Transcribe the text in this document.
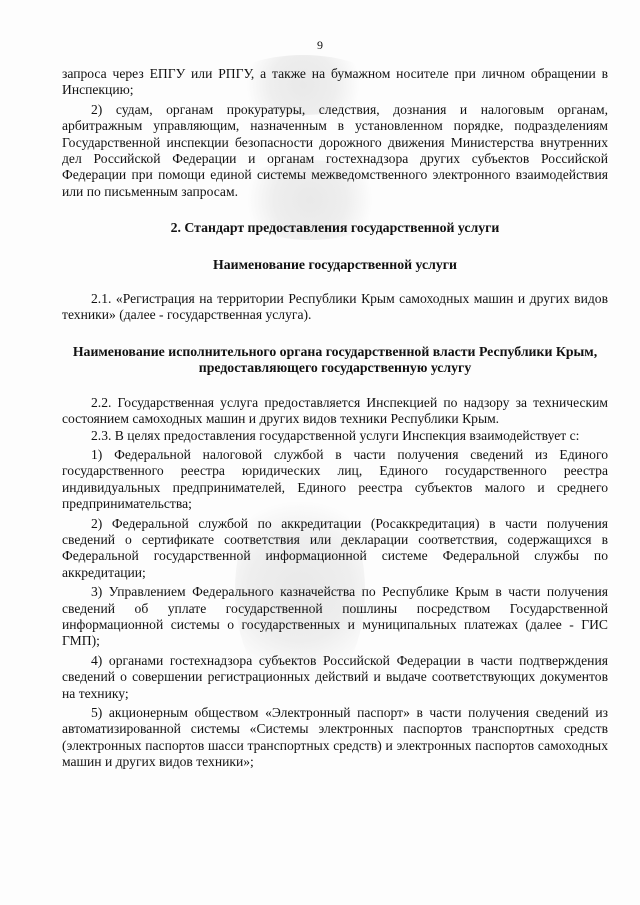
9

запроса через ЕПГУ или РПГУ, а также на бумажном носителе при личном обращении в Инспекцию;

2) судам, органам прокуратуры, следствия, дознания и налоговым органам, арбитражным управляющим, назначенным в установленном порядке, подразделениям Государственной инспекции безопасности дорожного движения Министерства внутренних дел Российской Федерации и органам гостехнадзора других субъектов Российской Федерации при помощи единой системы межведомственного электронного взаимодействия или по письменным запросам.

2. Стандарт предоставления государственной услуги

Наименование государственной услуги

2.1. «Регистрация на территории Республики Крым самоходных машин и других видов техники» (далее - государственная услуга).

Наименование исполнительного органа государственной власти Республики Крым, предоставляющего государственную услугу

2.2. Государственная услуга предоставляется Инспекцией по надзору за техническим состоянием самоходных машин и других видов техники Республики Крым.

2.3. В целях предоставления государственной услуги Инспекция взаимодействует с:

1) Федеральной налоговой службой в части получения сведений из Единого государственного реестра юридических лиц, Единого государственного реестра индивидуальных предпринимателей, Единого реестра субъектов малого и среднего предпринимательства;

2) Федеральной службой по аккредитации (Росаккредитация) в части получения сведений о сертификате соответствия или декларации соответствия, содержащихся в Федеральной государственной информационной системе Федеральной службы по аккредитации;

3) Управлением Федерального казначейства по Республике Крым в части получения сведений об уплате государственной пошлины посредством Государственной информационной системы о государственных и муниципальных платежах (далее - ГИС ГМП);

4) органами гостехнадзора субъектов Российской Федерации в части подтверждения сведений о совершении регистрационных действий и выдаче соответствующих документов на технику;

5) акционерным обществом «Электронный паспорт» в части получения сведений из автоматизированной системы «Системы электронных паспортов транспортных средств (электронных паспортов шасси транспортных средств) и электронных паспортов самоходных машин и других видов техники»;
